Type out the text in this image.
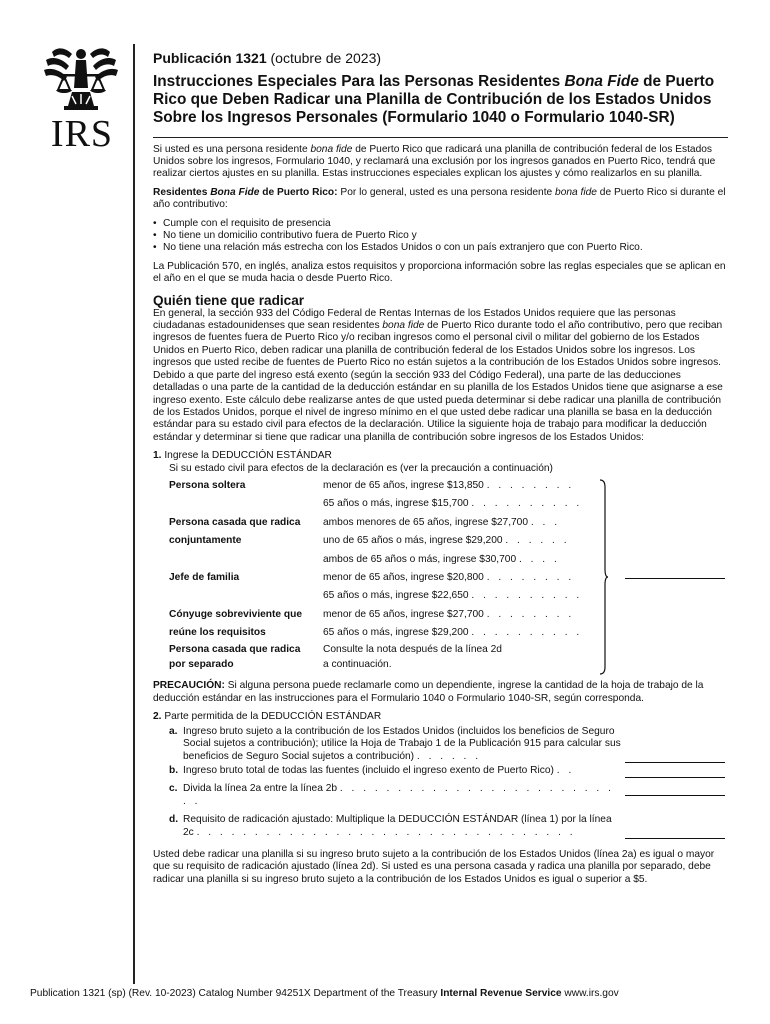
IRS
Publicación 1321 (octubre de 2023)
Instrucciones Especiales Para las Personas Residentes Bona Fide de Puerto Rico que Deben Radicar una Planilla de Contribución de los Estados Unidos Sobre los Ingresos Personales (Formulario 1040 o Formulario 1040-SR)

Si usted es una persona residente bona fide de Puerto Rico que radicará una planilla de contribución federal de los Estados Unidos sobre los ingresos, Formulario 1040, y reclamará una exclusión por los ingresos ganados en Puerto Rico, tendrá que realizar ciertos ajustes en su planilla. Estas instrucciones especiales explican los ajustes y cómo realizarlos en su planilla.

Residentes Bona Fide de Puerto Rico: Por lo general, usted es una persona residente bona fide de Puerto Rico si durante el año contributivo:

• Cumple con el requisito de presencia
• No tiene un domicilio contributivo fuera de Puerto Rico y
• No tiene una relación más estrecha con los Estados Unidos o con un país extranjero que con Puerto Rico.

La Publicación 570, en inglés, analiza estos requisitos y proporciona información sobre las reglas especiales que se aplican en el año en el que se muda hacia o desde Puerto Rico.

Quién tiene que radicar

En general, la sección 933 del Código Federal de Rentas Internas de los Estados Unidos requiere que las personas ciudadanas estadounidenses que sean residentes bona fide de Puerto Rico durante todo el año contributivo, pero que reciban ingresos de fuentes fuera de Puerto Rico y/o reciban ingresos como el personal civil o militar del gobierno de los Estados Unidos en Puerto Rico, deben radicar una planilla de contribución federal de los Estados Unidos sobre los ingresos. Los ingresos que usted recibe de fuentes de Puerto Rico no están sujetos a la contribución de los Estados Unidos sobre ingresos. Debido a que parte del ingreso está exento (según la sección 933 del Código Federal), una parte de las deducciones detalladas o una parte de la cantidad de la deducción estándar en su planilla de los Estados Unidos tiene que asignarse a ese ingreso exento. Este cálculo debe realizarse antes de que usted pueda determinar si debe radicar una planilla de contribución de los Estados Unidos, porque el nivel de ingreso mínimo en el que usted debe radicar una planilla se basa en la deducción estándar para su estado civil para efectos de la declaración. Utilice la siguiente hoja de trabajo para modificar la deducción estándar y determinar si tiene que radicar una planilla de contribución sobre ingresos de los Estados Unidos:

1. Ingrese la DEDUCCIÓN ESTÁNDAR
Si su estado civil para efectos de la declaración es (ver la precaución a continuación)
Persona soltera	menor de 65 años, ingrese $13,850 . . . . . . . .
65 años o más, ingrese $15,700 . . . . . . . . . .
Persona casada que radica	ambos menores de 65 años, ingrese $27,700 . . .
conjuntamente	uno de 65 años o más, ingrese $29,200 . . . . . .
ambos de 65 años o más, ingrese $30,700 . . . .
Jefe de familia	menor de 65 años, ingrese $20,800 . . . . . . . .
65 años o más, ingrese $22,650 . . . . . . . . . .
Cónyuge sobreviviente que	menor de 65 años, ingrese $27,700 . . . . . . . .
reúne los requisitos	65 años o más, ingrese $29,200 . . . . . . . . . .
Persona casada que radica	Consulte la nota después de la línea 2d
por separado	a continuación.

PRECAUCIÓN: Si alguna persona puede reclamarle como un dependiente, ingrese la cantidad de la hoja de trabajo de la deducción estándar en las instrucciones para el Formulario 1040 o Formulario 1040-SR, según corresponda.

2. Parte permitida de la DEDUCCIÓN ESTÁNDAR
a. Ingreso bruto sujeto a la contribución de los Estados Unidos (incluidos los beneficios de Seguro Social sujetos a contribución); utilice la Hoja de Trabajo 1 de la Publicación 915 para calcular sus beneficios de Seguro Social sujetos a contribución) . . . . . .
b. Ingreso bruto total de todas las fuentes (incluido el ingreso exento de Puerto Rico) . .
c. Divida la línea 2a entre la línea 2b . . . . . . . . . . . . . . . . . . . . . . . . . .
d. Requisito de radicación ajustado: Multiplique la DEDUCCIÓN ESTÁNDAR (línea 1) por la línea 2c . . . . . . . . . . . . . . . . . . . . . . . . . . . . . . . . .

Usted debe radicar una planilla si su ingreso bruto sujeto a la contribución de los Estados Unidos (línea 2a) es igual o mayor que su requisito de radicación ajustado (línea 2d). Si usted es una persona casada y radica una planilla por separado, debe radicar una planilla si su ingreso bruto sujeto a la contribución de los Estados Unidos es igual o superior a $5.

Publication 1321 (sp) (Rev. 10-2023) Catalog Number 94251X Department of the Treasury Internal Revenue Service www.irs.gov
